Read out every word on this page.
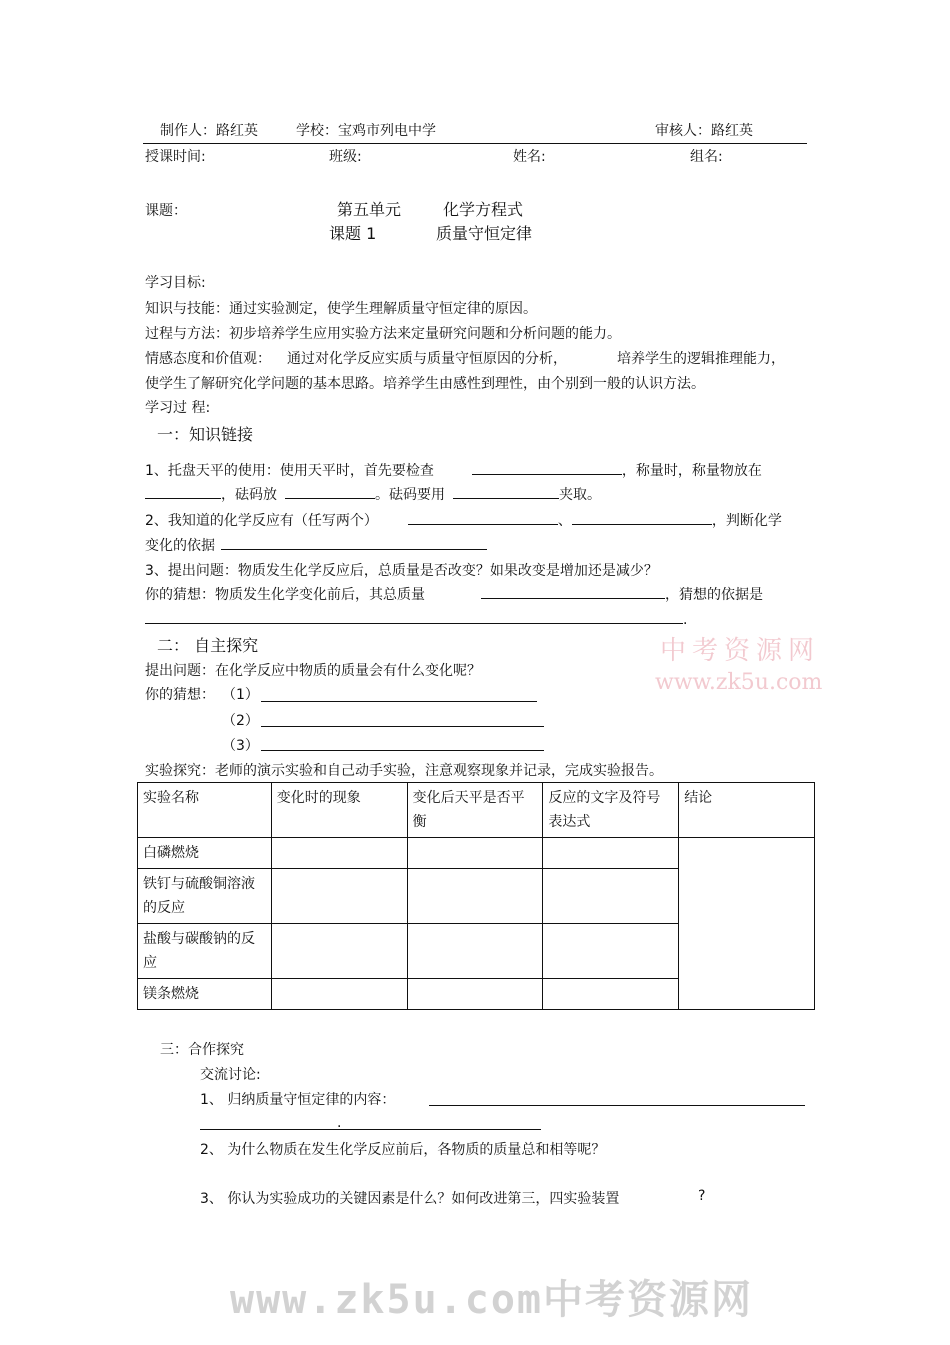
制作人：路红英	学校：宝鸡市列电中学	审核人：路红英
授课时间:	班级:	姓名:	组名:
课题：	第五单元	化学方程式
课题 1	质量守恒定律
学习目标:
知识与技能：通过实验测定，使学生理解质量守恒定律的原因。
过程与方法：初步培养学生应用实验方法来定量研究问题和分析问题的能力。
情感态度和价值观： 通过对化学反应实质与质量守恒原因的分析，	培养学生的逻辑推理能力，
使学生了解研究化学问题的基本思路。培养学生由感性到理性，由个别到一般的认识方法。
学习过 程:
一：知识链接
1、托盘天平的使用：使用天平时，首先要检查	，称量时，称量物放在
，砝码放	。砝码要用	夹取。
2、我知道的化学反应有（任写两个）	、	，判断化学
变化的依据
3、提出问题：物质发生化学反应后，总质量是否改变？如果改变是增加还是减少？
你的猜想：物质发生化学变化前后，其总质量	，猜想的依据是
.
中考资源网
www.zk5u.com
二： 自主探究
提出问题：在化学反应中物质的质量会有什么变化呢？
你的猜想： （1）
（2）
（3）
实验探究：老师的演示实验和自己动手实验，注意观察现象并记录，完成实验报告。
实验名称	变化时的现象	变化后天平是否平衡	反应的文字及符号表达式	结论
白磷燃烧				
铁钉与硫酸铜溶液的反应				
盐酸与碳酸钠的反应				
镁条燃烧				
三：合作探究
交流讨论:
1、 归纳质量守恒定律的内容：
.
2、 为什么物质在发生化学反应前后，各物质的质量总和相等呢？
3、 你认为实验成功的关键因素是什么？如何改进第三，四实验装置	?
www.zk5u.com中考资源网
